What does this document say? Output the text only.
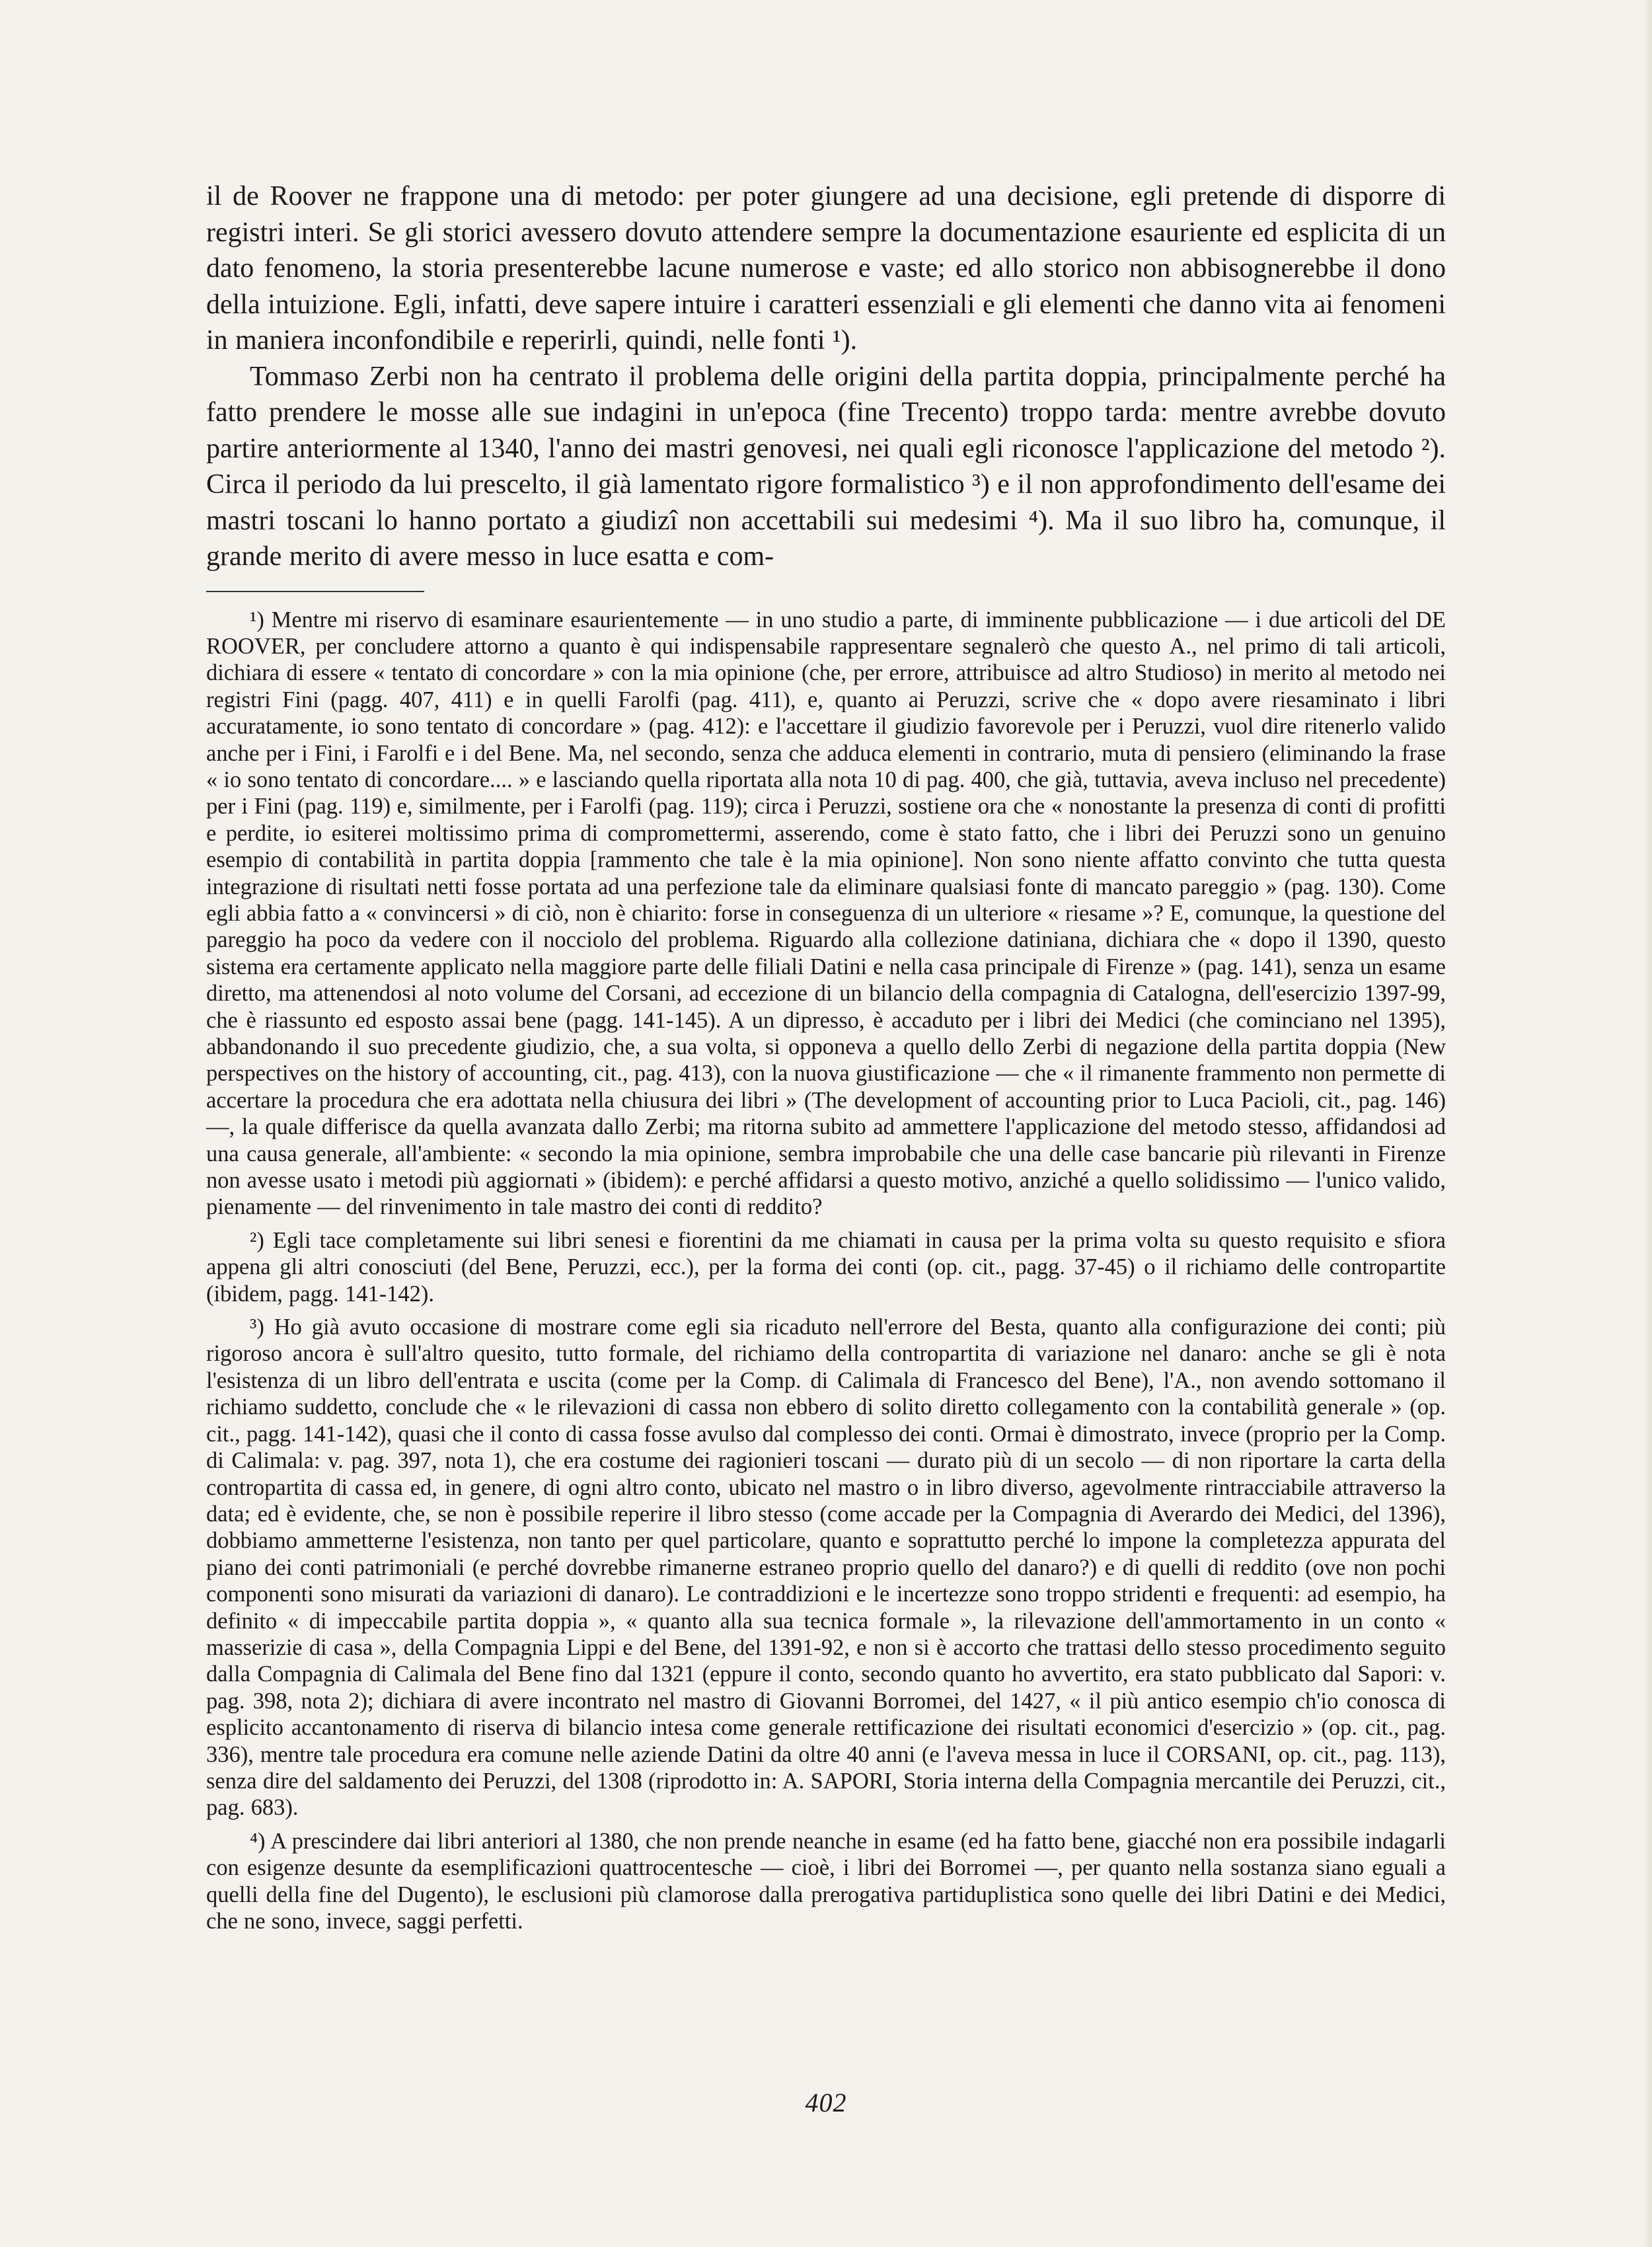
il de Roover ne frappone una di metodo: per poter giungere ad una decisione, egli pretende di disporre di registri interi. Se gli storici avessero dovuto attendere sempre la documentazione esauriente ed esplicita di un dato fenomeno, la storia presenterebbe lacune numerose e vaste; ed allo storico non abbisognerebbe il dono della intuizione. Egli, infatti, deve sapere intuire i caratteri essenziali e gli elementi che danno vita ai fenomeni in maniera inconfondibile e reperirli, quindi, nelle fonti ¹).

Tommaso Zerbi non ha centrato il problema delle origini della partita doppia, principalmente perché ha fatto prendere le mosse alle sue indagini in un'epoca (fine Trecento) troppo tarda: mentre avrebbe dovuto partire anteriormente al 1340, l'anno dei mastri genovesi, nei quali egli riconosce l'applicazione del metodo ²). Circa il periodo da lui prescelto, il già lamentato rigore formalistico ³) e il non approfondimento dell'esame dei mastri toscani lo hanno portato a giudizî non accettabili sui medesimi ⁴). Ma il suo libro ha, comunque, il grande merito di avere messo in luce esatta e com-

¹) Mentre mi riservo di esaminare esaurientemente — in uno studio a parte, di imminente pubblicazione — i due articoli del DE ROOVER, per concludere attorno a quanto è qui indispensabile rappresentare segnalerò che questo A., nel primo di tali articoli, dichiara di essere « tentato di concordare » con la mia opinione (che, per errore, attribuisce ad altro Studioso) in merito al metodo nei registri Fini (pagg. 407, 411) e in quelli Farolfi (pag. 411), e, quanto ai Peruzzi, scrive che « dopo avere riesaminato i libri accuratamente, io sono tentato di concordare » (pag. 412): e l'accettare il giudizio favorevole per i Peruzzi, vuol dire ritenerlo valido anche per i Fini, i Farolfi e i del Bene. Ma, nel secondo, senza che adduca elementi in contrario, muta di pensiero (eliminando la frase « io sono tentato di concordare.... » e lasciando quella riportata alla nota 10 di pag. 400, che già, tuttavia, aveva incluso nel precedente) per i Fini (pag. 119) e, similmente, per i Farolfi (pag. 119); circa i Peruzzi, sostiene ora che « nonostante la presenza di conti di profitti e perdite, io esiterei moltissimo prima di compromettermi, asserendo, come è stato fatto, che i libri dei Peruzzi sono un genuino esempio di contabilità in partita doppia [rammento che tale è la mia opinione]. Non sono niente affatto convinto che tutta questa integrazione di risultati netti fosse portata ad una perfezione tale da eliminare qualsiasi fonte di mancato pareggio » (pag. 130). Come egli abbia fatto a « convincersi » di ciò, non è chiarito: forse in conseguenza di un ulteriore « riesame »? E, comunque, la questione del pareggio ha poco da vedere con il nocciolo del problema. Riguardo alla collezione datiniana, dichiara che « dopo il 1390, questo sistema era certamente applicato nella maggiore parte delle filiali Datini e nella casa principale di Firenze » (pag. 141), senza un esame diretto, ma attenendosi al noto volume del Corsani, ad eccezione di un bilancio della compagnia di Catalogna, dell'esercizio 1397-99, che è riassunto ed esposto assai bene (pagg. 141-145). A un dipresso, è accaduto per i libri dei Medici (che cominciano nel 1395), abbandonando il suo precedente giudizio, che, a sua volta, si opponeva a quello dello Zerbi di negazione della partita doppia (New perspectives on the history of accounting, cit., pag. 413), con la nuova giustificazione — che « il rimanente frammento non permette di accertare la procedura che era adottata nella chiusura dei libri » (The development of accounting prior to Luca Pacioli, cit., pag. 146) —, la quale differisce da quella avanzata dallo Zerbi; ma ritorna subito ad ammettere l'applicazione del metodo stesso, affidandosi ad una causa generale, all'ambiente: « secondo la mia opinione, sembra improbabile che una delle case bancarie più rilevanti in Firenze non avesse usato i metodi più aggiornati » (ibidem): e perché affidarsi a questo motivo, anziché a quello solidissimo — l'unico valido, pienamente — del rinvenimento in tale mastro dei conti di reddito?

²) Egli tace completamente sui libri senesi e fiorentini da me chiamati in causa per la prima volta su questo requisito e sfiora appena gli altri conosciuti (del Bene, Peruzzi, ecc.), per la forma dei conti (op. cit., pagg. 37-45) o il richiamo delle contropartite (ibidem, pagg. 141-142).

³) Ho già avuto occasione di mostrare come egli sia ricaduto nell'errore del Besta, quanto alla configurazione dei conti; più rigoroso ancora è sull'altro quesito, tutto formale, del richiamo della contropartita di variazione nel danaro: anche se gli è nota l'esistenza di un libro dell'entrata e uscita (come per la Comp. di Calimala di Francesco del Bene), l'A., non avendo sottomano il richiamo suddetto, conclude che « le rilevazioni di cassa non ebbero di solito diretto collegamento con la contabilità generale » (op. cit., pagg. 141-142), quasi che il conto di cassa fosse avulso dal complesso dei conti. Ormai è dimostrato, invece (proprio per la Comp. di Calimala: v. pag. 397, nota 1), che era costume dei ragionieri toscani — durato più di un secolo — di non riportare la carta della contropartita di cassa ed, in genere, di ogni altro conto, ubicato nel mastro o in libro diverso, agevolmente rintracciabile attraverso la data; ed è evidente, che, se non è possibile reperire il libro stesso (come accade per la Compagnia di Averardo dei Medici, del 1396), dobbiamo ammetterne l'esistenza, non tanto per quel particolare, quanto e soprattutto perché lo impone la completezza appurata del piano dei conti patrimoniali (e perché dovrebbe rimanerne estraneo proprio quello del danaro?) e di quelli di reddito (ove non pochi componenti sono misurati da variazioni di danaro). Le contraddizioni e le incertezze sono troppo stridenti e frequenti: ad esempio, ha definito « di impeccabile partita doppia », « quanto alla sua tecnica formale », la rilevazione dell'ammortamento in un conto « masserizie di casa », della Compagnia Lippi e del Bene, del 1391-92, e non si è accorto che trattasi dello stesso procedimento seguito dalla Compagnia di Calimala del Bene fino dal 1321 (eppure il conto, secondo quanto ho avvertito, era stato pubblicato dal Sapori: v. pag. 398, nota 2); dichiara di avere incontrato nel mastro di Giovanni Borromei, del 1427, « il più antico esempio ch'io conosca di esplicito accantonamento di riserva di bilancio intesa come generale rettificazione dei risultati economici d'esercizio » (op. cit., pag. 336), mentre tale procedura era comune nelle aziende Datini da oltre 40 anni (e l'aveva messa in luce il CORSANI, op. cit., pag. 113), senza dire del saldamento dei Peruzzi, del 1308 (riprodotto in: A. SAPORI, Storia interna della Compagnia mercantile dei Peruzzi, cit., pag. 683).

⁴) A prescindere dai libri anteriori al 1380, che non prende neanche in esame (ed ha fatto bene, giacché non era possibile indagarli con esigenze desunte da esemplificazioni quattrocentesche — cioè, i libri dei Borromei —, per quanto nella sostanza siano eguali a quelli della fine del Dugento), le esclusioni più clamorose dalla prerogativa partiduplistica sono quelle dei libri Datini e dei Medici, che ne sono, invece, saggi perfetti.

402
